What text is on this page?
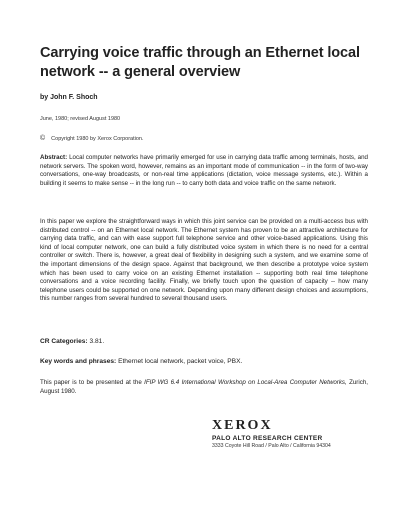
Carrying voice traffic through an Ethernet local network -- a general overview
by John F. Shoch
June, 1980; revised August 1980
© Copyright 1980 by Xerox Corporation.
Abstract: Local computer networks have primarily emerged for use in carrying data traffic among terminals, hosts, and network servers. The spoken word, however, remains as an important mode of communication -- in the form of two-way conversations, one-way broadcasts, or non-real time applications (dictation, voice message systems, etc.). Within a building it seems to make sense -- in the long run -- to carry both data and voice traffic on the same network.
In this paper we explore the straightforward ways in which this joint service can be provided on a multi-access bus with distributed control -- on an Ethernet local network. The Ethernet system has proven to be an attractive architecture for carrying data traffic, and can with ease support full telephone service and other voice-based applications. Using this kind of local computer network, one can build a fully distributed voice system in which there is no need for a central controller or switch. There is, however, a great deal of flexibility in designing such a system, and we examine some of the important dimensions of the design space. Against that background, we then describe a prototype voice system which has been used to carry voice on an existing Ethernet installation -- supporting both real time telephone conversations and a voice recording facility. Finally, we briefly touch upon the question of capacity -- how many telephone users could be supported on one network. Depending upon many different design choices and assumptions, this number ranges from several hundred to several thousand users.
CR Categories: 3.81.
Key words and phrases: Ethernet local network, packet voice, PBX.
This paper is to be presented at the IFIP WG 6.4 International Workshop on Local-Area Computer Networks, Zurich, August 1980.
XEROX
PALO ALTO RESEARCH CENTER
3333 Coyote Hill Road / Palo Alto / California 94304
